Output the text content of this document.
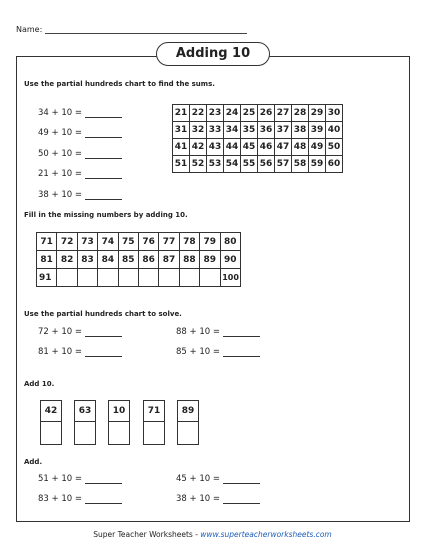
Name:
Adding 10
Use the partial hundreds chart to find the sums.
34 + 10 =
49 + 10 =
50 + 10 =
21 + 10 =
38 + 10 =
21	22	23	24	25	26	27	28	29	30
31	32	33	34	35	36	37	38	39	40
41	42	43	44	45	46	47	48	49	50
51	52	53	54	55	56	57	58	59	60
Fill in the missing numbers by adding 10.
71	72	73	74	75	76	77	78	79	80
81	82	83	84	85	86	87	88	89	90
91									100
Use the partial hundreds chart to solve.
72 + 10 =
81 + 10 =
88 + 10 =
85 + 10 =
Add 10.
42	63	10	71	89
Add.
51 + 10 =
83 + 10 =
45 + 10 =
38 + 10 =
Super Teacher Worksheets - www.superteacherworksheets.com
